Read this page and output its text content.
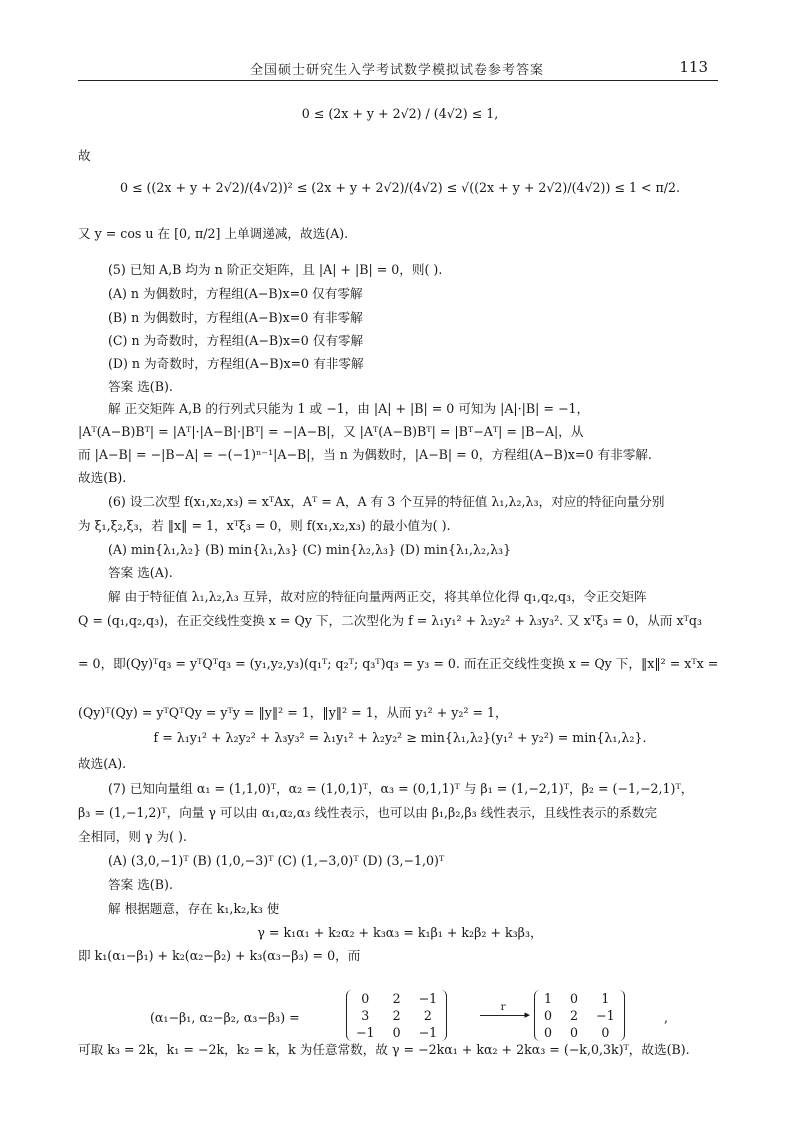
全国硕士研究生入学考试数学模拟试卷参考答案	113
0 ≤ (2x + y + 2√2) / (4√2) ≤ 1,
故
0 ≤ ((2x + y + 2√2)/(4√2))² ≤ (2x + y + 2√2)/(4√2) ≤ √((2x + y + 2√2)/(4√2)) ≤ 1 < π/2.
又 y = cos u 在 [0, π/2] 上单调递减，故选(A).
(5) 已知 A,B 均为 n 阶正交矩阵，且 |A| + |B| = 0，则( ).
(A) n 为偶数时，方程组(A−B)x=0 仅有零解
(B) n 为偶数时，方程组(A−B)x=0 有非零解
(C) n 为奇数时，方程组(A−B)x=0 仅有零解
(D) n 为奇数时，方程组(A−B)x=0 有非零解
答案 选(B).
解 正交矩阵 A,B 的行列式只能为 1 或 −1，由 |A| + |B| = 0 可知为 |A|·|B| = −1，
|Aᵀ(A−B)Bᵀ| = |Aᵀ|·|A−B|·|Bᵀ| = −|A−B|，又 |Aᵀ(A−B)Bᵀ| = |Bᵀ−Aᵀ| = |B−A|，从
而 |A−B| = −|B−A| = −(−1)ⁿ⁻¹|A−B|，当 n 为偶数时，|A−B| = 0，方程组(A−B)x=0 有非零解.
故选(B).
(6) 设二次型 f(x₁,x₂,x₃) = xᵀAx，Aᵀ = A，A 有 3 个互异的特征值 λ₁,λ₂,λ₃，对应的特征向量分别
为 ξ₁,ξ₂,ξ₃，若 ‖x‖ = 1，xᵀξ₃ = 0，则 f(x₁,x₂,x₃) 的最小值为( ).
(A) min{λ₁,λ₂} (B) min{λ₁,λ₃} (C) min{λ₂,λ₃} (D) min{λ₁,λ₂,λ₃}
答案 选(A).
解 由于特征值 λ₁,λ₂,λ₃ 互异，故对应的特征向量两两正交，将其单位化得 q₁,q₂,q₃，令正交矩阵
Q = (q₁,q₂,q₃)，在正交线性变换 x = Qy 下，二次型化为 f = λ₁y₁² + λ₂y₂² + λ₃y₃². 又 xᵀξ₃ = 0，从而 xᵀq₃
= 0，即(Qy)ᵀq₃ = yᵀQᵀq₃ = (y₁,y₂,y₃)(q₁ᵀ; q₂ᵀ; q₃ᵀ)q₃ = y₃ = 0. 而在正交线性变换 x = Qy 下，‖x‖² = xᵀx =
(Qy)ᵀ(Qy) = yᵀQᵀQy = yᵀy = ‖y‖² = 1，‖y‖² = 1，从而 y₁² + y₂² = 1，
f = λ₁y₁² + λ₂y₂² + λ₃y₃² = λ₁y₁² + λ₂y₂² ≥ min{λ₁,λ₂}(y₁² + y₂²) = min{λ₁,λ₂}.
故选(A).
(7) 已知向量组 α₁ = (1,1,0)ᵀ，α₂ = (1,0,1)ᵀ，α₃ = (0,1,1)ᵀ 与 β₁ = (1,−2,1)ᵀ，β₂ = (−1,−2,1)ᵀ，
β₃ = (1,−1,2)ᵀ，向量 γ 可以由 α₁,α₂,α₃ 线性表示，也可以由 β₁,β₂,β₃ 线性表示，且线性表示的系数完
全相同，则 γ 为( ).
(A) (3,0,−1)ᵀ (B) (1,0,−3)ᵀ (C) (1,−3,0)ᵀ (D) (3,−1,0)ᵀ
答案 选(B).
解 根据题意，存在 k₁,k₂,k₃ 使
γ = k₁α₁ + k₂α₂ + k₃α₃ = k₁β₁ + k₂β₂ + k₃β₃，
即 k₁(α₁−β₁) + k₂(α₂−β₂) + k₃(α₃−β₃) = 0，而
(α₁−β₁, α₂−β₂, α₃−β₃) =
0	2	−1
3	2	2
−1	0	−1
r
▸
1	0	1
0	2	−1
0	0	0
,
可取 k₃ = 2k，k₁ = −2k，k₂ = k，k 为任意常数，故 γ = −2kα₁ + kα₂ + 2kα₃ = (−k,0,3k)ᵀ，故选(B).
